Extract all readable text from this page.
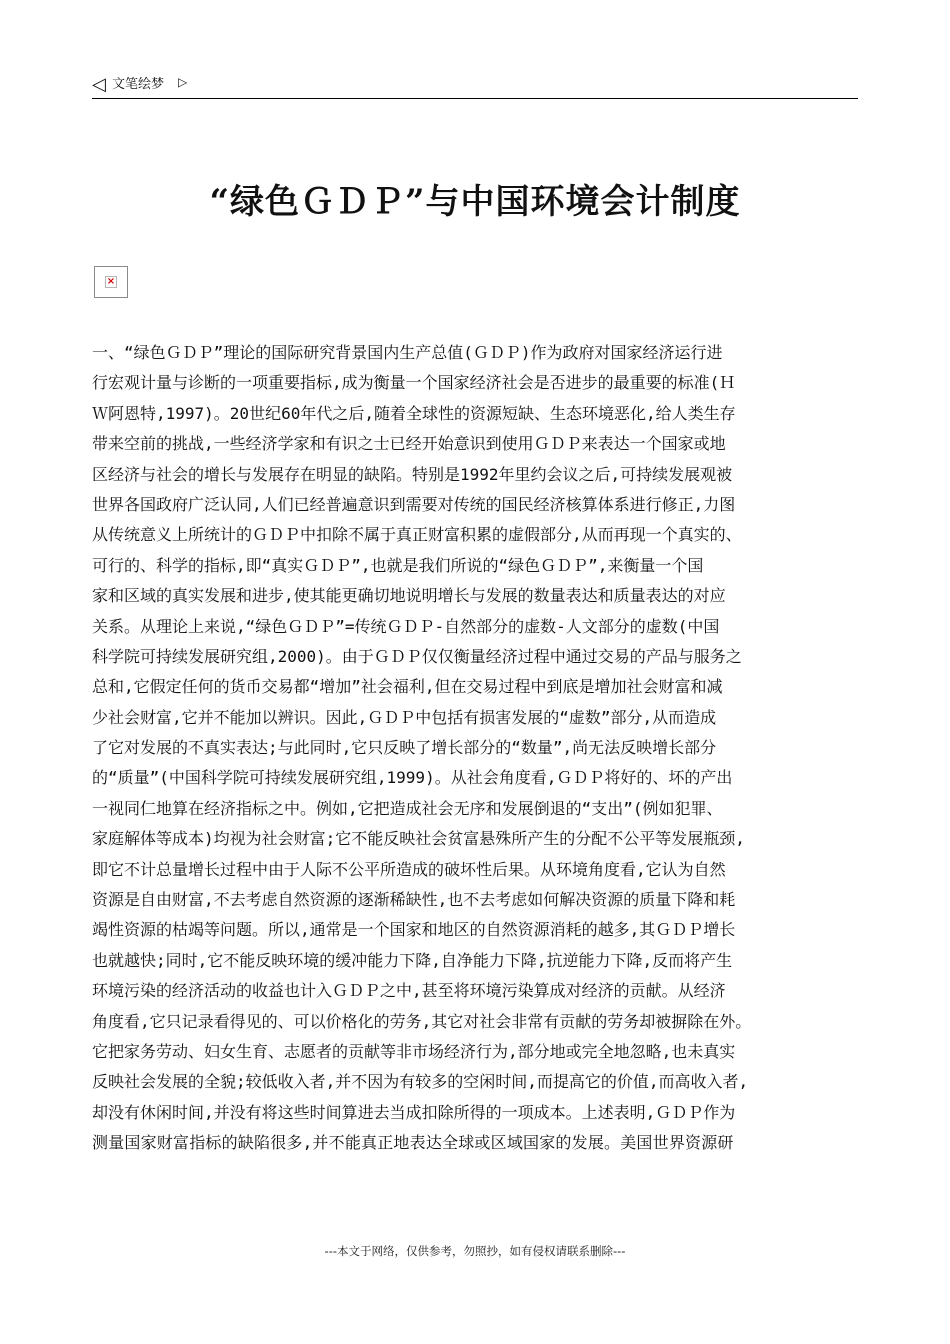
◁ 文笔绘梦 ▷
“绿色ＧＤＰ”与中国环境会计制度
×
一、“绿色ＧＤＰ”理论的国际研究背景国内生产总值(ＧＤＰ)作为政府对国家经济运行进
行宏观计量与诊断的一项重要指标,成为衡量一个国家经济社会是否进步的最重要的标准(Ｈ
Ｗ阿恩特,1997)。20世纪60年代之后,随着全球性的资源短缺、生态环境恶化,给人类生存
带来空前的挑战,一些经济学家和有识之士已经开始意识到使用ＧＤＰ来表达一个国家或地
区经济与社会的增长与发展存在明显的缺陷。特别是1992年里约会议之后,可持续发展观被
世界各国政府广泛认同,人们已经普遍意识到需要对传统的国民经济核算体系进行修正,力图
从传统意义上所统计的ＧＤＰ中扣除不属于真正财富积累的虚假部分,从而再现一个真实的、
可行的、科学的指标,即“真实ＧＤＰ”,也就是我们所说的“绿色ＧＤＰ”,来衡量一个国
家和区域的真实发展和进步,使其能更确切地说明增长与发展的数量表达和质量表达的对应
关系。从理论上来说,“绿色ＧＤＰ”=传统ＧＤＰ-自然部分的虚数-人文部分的虚数(中国
科学院可持续发展研究组,2000)。由于ＧＤＰ仅仅衡量经济过程中通过交易的产品与服务之
总和,它假定任何的货币交易都“增加”社会福利,但在交易过程中到底是增加社会财富和减
少社会财富,它并不能加以辨识。因此,ＧＤＰ中包括有损害发展的“虚数”部分,从而造成
了它对发展的不真实表达;与此同时,它只反映了增长部分的“数量”,尚无法反映增长部分
的“质量”(中国科学院可持续发展研究组,1999)。从社会角度看,ＧＤＰ将好的、坏的产出
一视同仁地算在经济指标之中。例如,它把造成社会无序和发展倒退的“支出”(例如犯罪、
家庭解体等成本)均视为社会财富;它不能反映社会贫富悬殊所产生的分配不公平等发展瓶颈,
即它不计总量增长过程中由于人际不公平所造成的破坏性后果。从环境角度看,它认为自然
资源是自由财富,不去考虑自然资源的逐渐稀缺性,也不去考虑如何解决资源的质量下降和耗
竭性资源的枯竭等问题。所以,通常是一个国家和地区的自然资源消耗的越多,其ＧＤＰ增长
也就越快;同时,它不能反映环境的缓冲能力下降,自净能力下降,抗逆能力下降,反而将产生
环境污染的经济活动的收益也计入ＧＤＰ之中,甚至将环境污染算成对经济的贡献。从经济
角度看,它只记录看得见的、可以价格化的劳务,其它对社会非常有贡献的劳务却被摒除在外。
它把家务劳动、妇女生育、志愿者的贡献等非市场经济行为,部分地或完全地忽略,也未真实
反映社会发展的全貌;较低收入者,并不因为有较多的空闲时间,而提高它的价值,而高收入者,
却没有休闲时间,并没有将这些时间算进去当成扣除所得的一项成本。上述表明,ＧＤＰ作为
测量国家财富指标的缺陷很多,并不能真正地表达全球或区域国家的发展。美国世界资源研
---本文于网络，仅供参考，勿照抄，如有侵权请联系删除---
